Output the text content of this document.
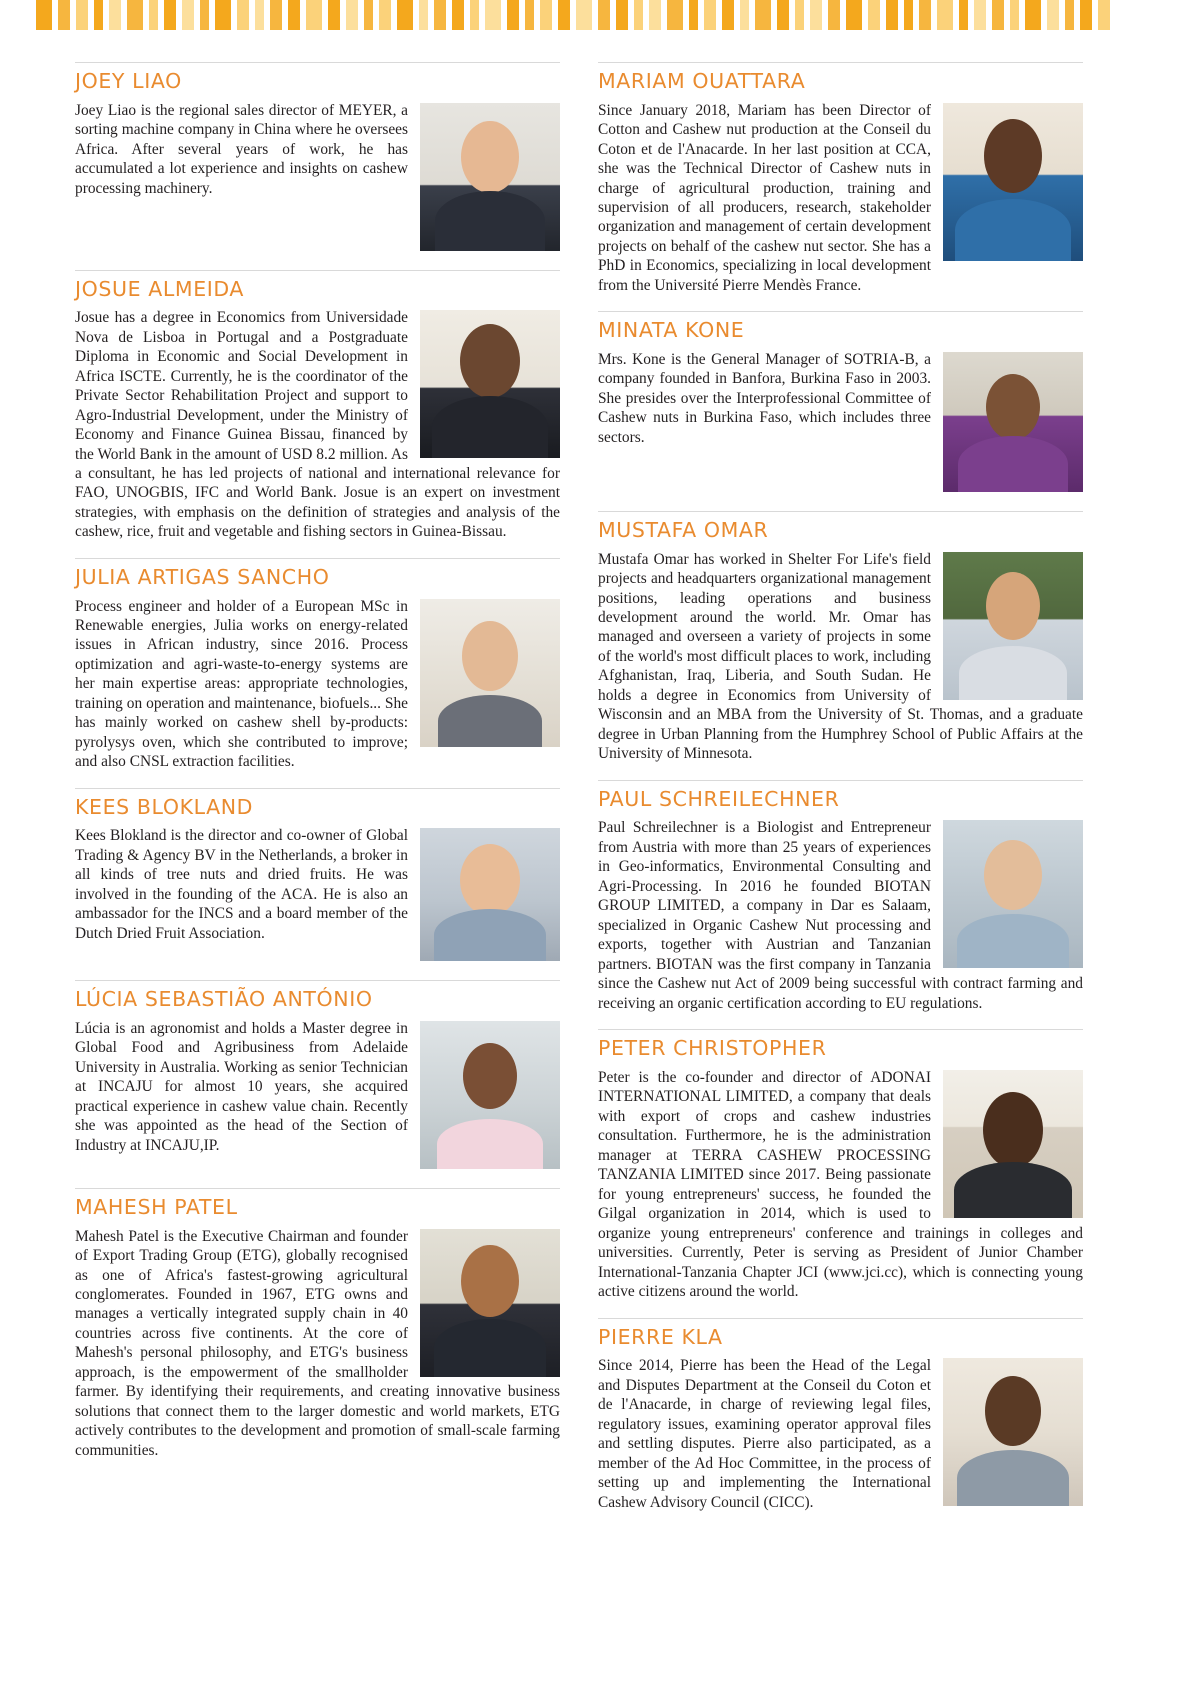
JOEY LIAO
Joey Liao is the regional sales director of MEYER, a sorting machine company in China where he oversees Africa. After several years of work, he has accumulated a lot experience and insights on cashew processing machinery.
JOSUE ALMEIDA
Josue has a degree in Economics from Universidade Nova de Lisboa in Portugal and a Postgraduate Diploma in Economic and Social Development in Africa ISCTE. Currently, he is the coordinator of the Private Sector Rehabilitation Project and support to Agro-Industrial Development, under the Ministry of Economy and Finance Guinea Bissau, financed by the World Bank in the amount of USD 8.2 million. As a consultant, he has led projects of national and international relevance for FAO, UNOGBIS, IFC and World Bank. Josue is an expert on investment strategies, with emphasis on the definition of strategies and analysis of the cashew, rice, fruit and vegetable and fishing sectors in Guinea-Bissau.
JULIA ARTIGAS SANCHO
Process engineer and holder of a European MSc in Renewable energies, Julia works on energy-related issues in African industry, since 2016. Process optimization and agri-waste-to-energy systems are her main expertise areas: appropriate technologies, training on operation and maintenance, biofuels... She has mainly worked on cashew shell by-products: pyrolysys oven, which she contributed to improve; and also CNSL extraction facilities.
KEES BLOKLAND
Kees Blokland is the director and co-owner of Global Trading & Agency BV in the Netherlands, a broker in all kinds of tree nuts and dried fruits. He was involved in the founding of the ACA. He is also an ambassador for the INCS and a board member of the Dutch Dried Fruit Association.
LÚCIA SEBASTIÃO ANTÓNIO
Lúcia is an agronomist and holds a Master degree in Global Food and Agribusiness from Adelaide University in Australia. Working as senior Technician at INCAJU for almost 10 years, she acquired practical experience in cashew value chain. Recently she was appointed as the head of the Section of Industry at INCAJU,IP.
MAHESH PATEL
Mahesh Patel is the Executive Chairman and founder of Export Trading Group (ETG), globally recognised as one of Africa's fastest-growing agricultural conglomerates. Founded in 1967, ETG owns and manages a vertically integrated supply chain in 40 countries across five continents. At the core of Mahesh's personal philosophy, and ETG's business approach, is the empowerment of the smallholder farmer. By identifying their requirements, and creating innovative business solutions that connect them to the larger domestic and world markets, ETG actively contributes to the development and promotion of small-scale farming communities.
MARIAM OUATTARA
Since January 2018, Mariam has been Director of Cotton and Cashew nut production at the Conseil du Coton et de l'Anacarde. In her last position at CCA, she was the Technical Director of Cashew nuts in charge of agricultural production, training and supervision of all producers, research, stakeholder organization and management of certain development projects on behalf of the cashew nut sector. She has a PhD in Economics, specializing in local development from the Université Pierre Mendès France.
MINATA KONE
Mrs. Kone is the General Manager of SOTRIA-B, a company founded in Banfora, Burkina Faso in 2003. She presides over the Interprofessional Committee of Cashew nuts in Burkina Faso, which includes three sectors.
MUSTAFA OMAR
Mustafa Omar has worked in Shelter For Life's field projects and headquarters organizational management positions, leading operations and business development around the world. Mr. Omar has managed and overseen a variety of projects in some of the world's most difficult places to work, including Afghanistan, Iraq, Liberia, and South Sudan. He holds a degree in Economics from University of Wisconsin and an MBA from the University of St. Thomas, and a graduate degree in Urban Planning from the Humphrey School of Public Affairs at the University of Minnesota.
PAUL SCHREILECHNER
Paul Schreilechner is a Biologist and Entrepreneur from Austria with more than 25 years of experiences in Geo-informatics, Environmental Consulting and Agri-Processing. In 2016 he founded BIOTAN GROUP LIMITED, a company in Dar es Salaam, specialized in Organic Cashew Nut processing and exports, together with Austrian and Tanzanian partners. BIOTAN was the first company in Tanzania since the Cashew nut Act of 2009 being successful with contract farming and receiving an organic certification according to EU regulations.
PETER CHRISTOPHER
Peter is the co-founder and director of ADONAI INTERNATIONAL LIMITED, a company that deals with export of crops and cashew industries consultation. Furthermore, he is the administration manager at TERRA CASHEW PROCESSING TANZANIA LIMITED since 2017. Being passionate for young entrepreneurs' success, he founded the Gilgal organization in 2014, which is used to organize young entrepreneurs' conference and trainings in colleges and universities. Currently, Peter is serving as President of Junior Chamber International-Tanzania Chapter JCI (www.jci.cc), which is connecting young active citizens around the world.
PIERRE KLA
Since 2014, Pierre has been the Head of the Legal and Disputes Department at the Conseil du Coton et de l'Anacarde, in charge of reviewing legal files, regulatory issues, examining operator approval files and settling disputes. Pierre also participated, as a member of the Ad Hoc Committee, in the process of setting up and implementing the International Cashew Advisory Council (CICC).
